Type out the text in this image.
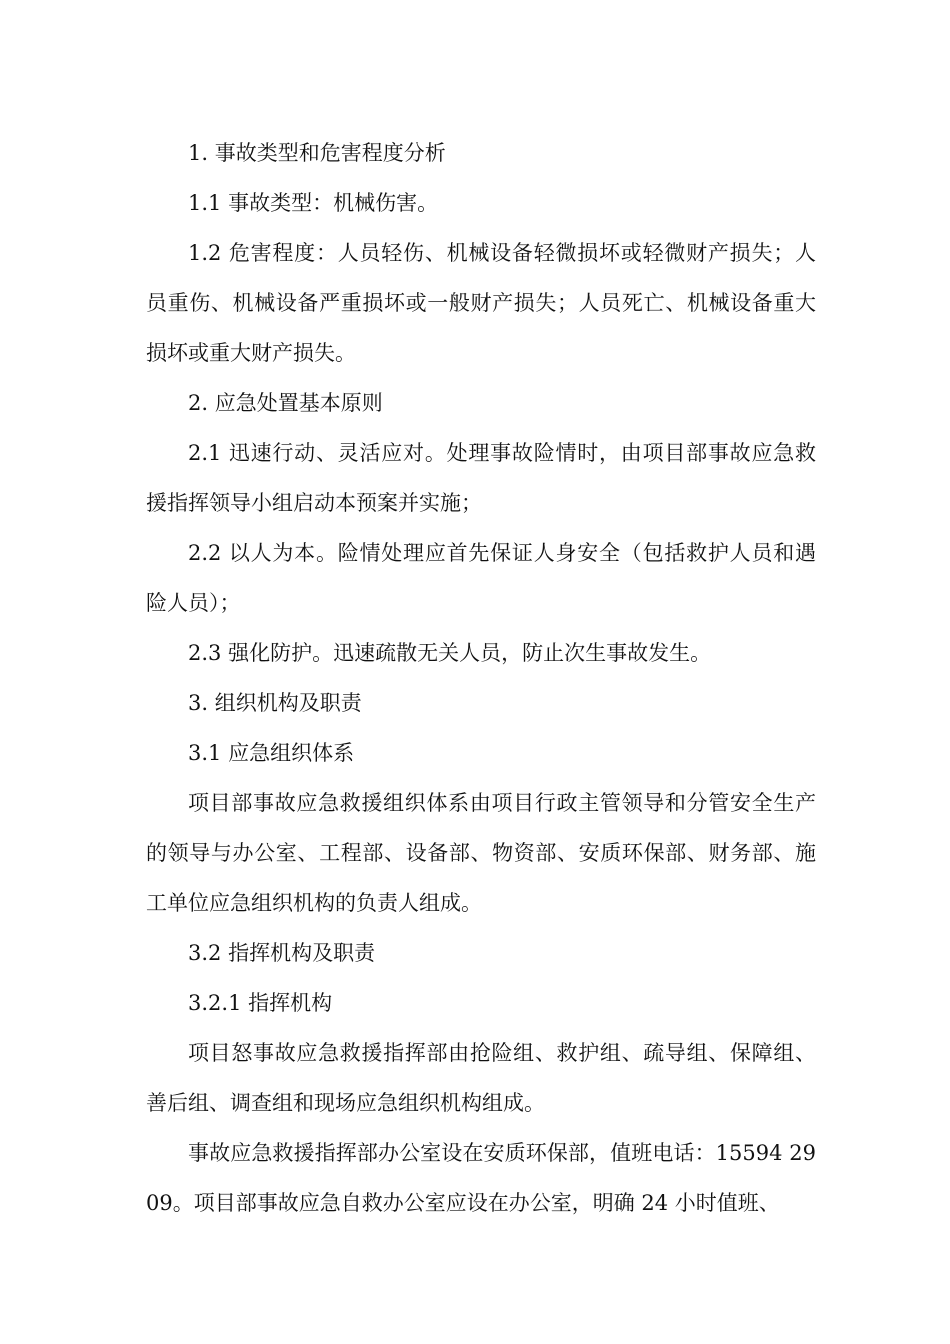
1. 事故类型和危害程度分析

1.1 事故类型：机械伤害。

1.2 危害程度：人员轻伤、机械设备轻微损坏或轻微财产损失；人员重伤、机械设备严重损坏或一般财产损失；人员死亡、机械设备重大损坏或重大财产损失。

2. 应急处置基本原则

2.1 迅速行动、灵活应对。处理事故险情时，由项目部事故应急救援指挥领导小组启动本预案并实施；

2.2 以人为本。险情处理应首先保证人身安全（包括救护人员和遇险人员）；

2.3 强化防护。迅速疏散无关人员，防止次生事故发生。

3. 组织机构及职责

3.1 应急组织体系

项目部事故应急救援组织体系由项目行政主管领导和分管安全生产的领导与办公室、工程部、设备部、物资部、安质环保部、财务部、施工单位应急组织机构的负责人组成。

3.2 指挥机构及职责

3.2.1 指挥机构

项目怒事故应急救援指挥部由抢险组、救护组、疏导组、保障组、善后组、调查组和现场应急组织机构组成。

事故应急救援指挥部办公室设在安质环保部，值班电话：15594 2909。项目部事故应急自救办公室应设在办公室，明确 24 小时值班、
